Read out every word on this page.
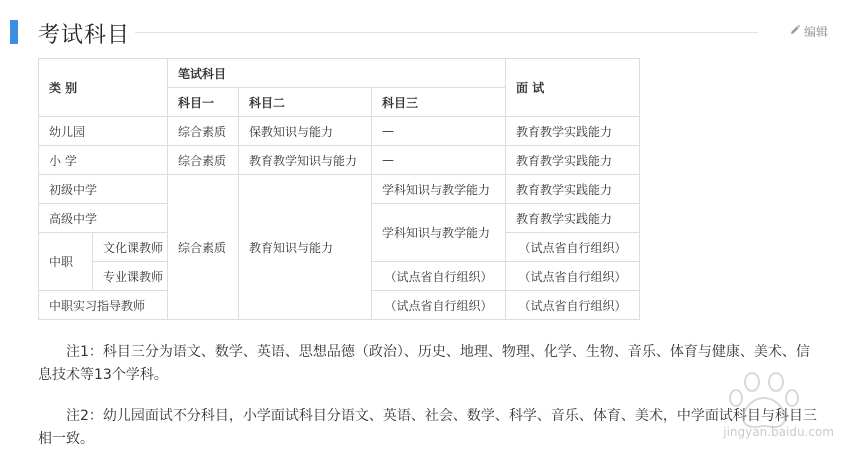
考试科目	编辑
类 别		笔试科目			面 试
		科目一	科目二	科目三	
幼儿园		综合素质	保教知识与能力	—	教育教学实践能力
小 学		综合素质	教育教学知识与能力	—	教育教学实践能力
初级中学		综合素质	教育知识与能力	学科知识与教学能力	教育教学实践能力
高级中学				学科知识与教学能力	教育教学实践能力
中职	文化课教师				（试点省自行组织）
	专业课教师			（试点省自行组织）	（试点省自行组织）
中职实习指导教师				（试点省自行组织）	（试点省自行组织）

注1：科目三分为语文、数学、英语、思想品德（政治）、历史、地理、物理、化学、生物、音乐、体育与健康、美术、信息技术等13个学科。

注2：幼儿园面试不分科目，小学面试科目分语文、英语、社会、数学、科学、音乐、体育、美术，中学面试科目与科目三相一致。	jingyan.baidu.com
